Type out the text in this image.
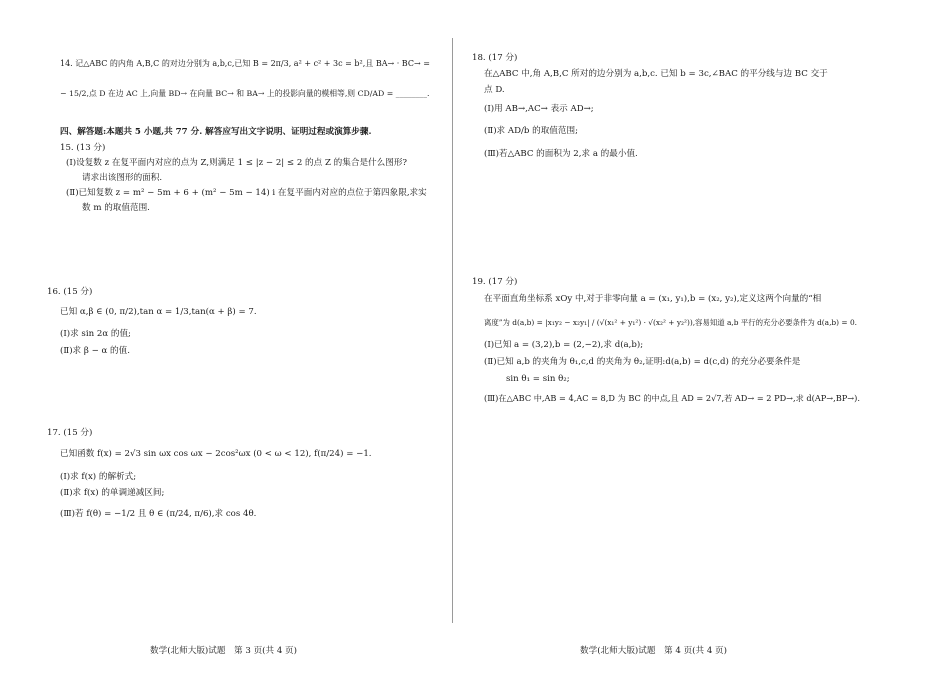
14. 记△ABC 的内角 A,B,C 的对边分别为 a,b,c,已知 B = 2π/3, a² + c² + 3c = b²,且 BA→ · BC→ =
− 15/2,点 D 在边 AC 上,向量 BD→ 在向量 BC→ 和 BA→ 上的投影向量的模相等,则 CD/AD = ________.
四、解答题:本题共 5 小题,共 77 分. 解答应写出文字说明、证明过程或演算步骤.
15. (13 分)
(Ⅰ)设复数 z 在复平面内对应的点为 Z,则满足 1 ≤ |z − 2| ≤ 2 的点 Z 的集合是什么图形?
请求出该图形的面积.
(Ⅱ)已知复数 z = m² − 5m + 6 + (m² − 5m − 14) i 在复平面内对应的点位于第四象限,求实
数 m 的取值范围.
16. (15 分)
已知 α,β ∈ (0, π/2),tan α = 1/3,tan(α + β) = 7.
(Ⅰ)求 sin 2α 的值;
(Ⅱ)求 β − α 的值.
17. (15 分)
已知函数 f(x) = 2√3 sin ωx cos ωx − 2cos²ωx (0 < ω < 12), f(π/24) = −1.
(Ⅰ)求 f(x) 的解析式;
(Ⅱ)求 f(x) 的单调递减区间;
(Ⅲ)若 f(θ) = −1/2 且 θ ∈ (π/24, π/6),求 cos 4θ.
数学(北师大版)试题　第 3 页(共 4 页)
18. (17 分)
在△ABC 中,角 A,B,C 所对的边分别为 a,b,c. 已知 b = 3c,∠BAC 的平分线与边 BC 交于
点 D.
(Ⅰ)用 AB→,AC→ 表示 AD→;
(Ⅱ)求 AD/b 的取值范围;
(Ⅲ)若△ABC 的面积为 2,求 a 的最小值.
19. (17 分)
在平面直角坐标系 xOy 中,对于非零向量 a = (x₁, y₁),b = (x₂, y₂),定义这两个向量的“相
离度”为 d(a,b) = |x₁y₂ − x₂y₁| / (√(x₁² + y₁²) · √(x₂² + y₂²)),容易知道 a,b 平行的充分必要条件为 d(a,b) = 0.
(Ⅰ)已知 a = (3,2),b = (2,−2),求 d(a,b);
(Ⅱ)已知 a,b 的夹角为 θ₁,c,d 的夹角为 θ₂,证明:d(a,b) = d(c,d) 的充分必要条件是
sin θ₁ = sin θ₂;
(Ⅲ)在△ABC 中,AB = 4,AC = 8,D 为 BC 的中点,且 AD = 2√7,若 AD→ = 2 PD→,求 d(AP→,BP→).
数学(北师大版)试题　第 4 页(共 4 页)
